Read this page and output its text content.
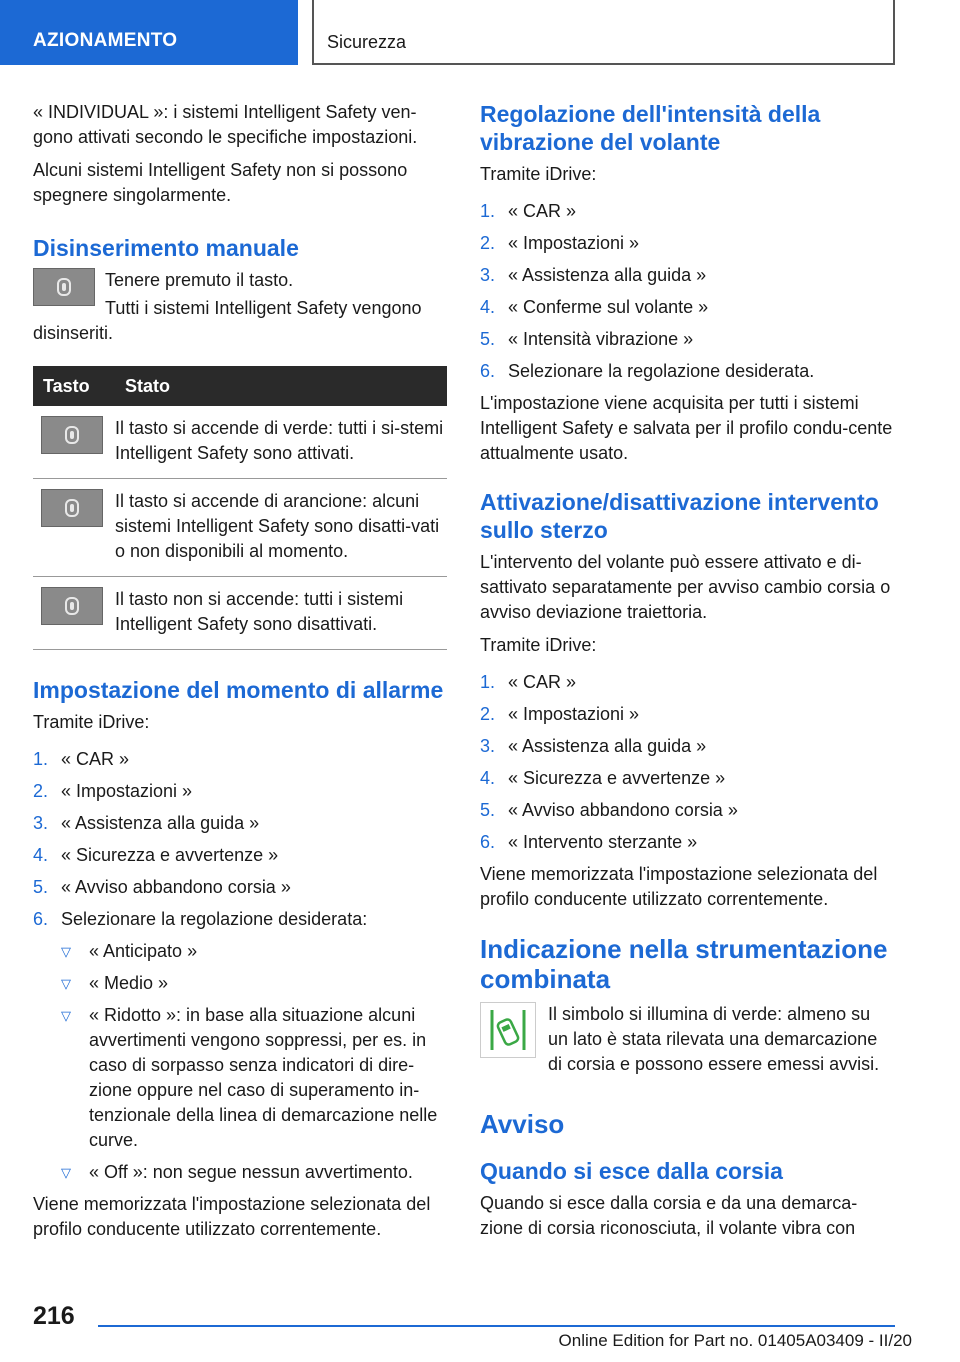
AZIONAMENTO	Sicurezza

« INDIVIDUAL »: i sistemi Intelligent Safety ven-gono attivati secondo le specifiche impostazioni.

Alcuni sistemi Intelligent Safety non si possono spegnere singolarmente.

Disinserimento manuale

Tenere premuto il tasto.

Tutti i sistemi Intelligent Safety vengono disinseriti.

Tasto	Stato

	Il tasto si accende di verde: tutti i si-stemi Intelligent Safety sono attivati.

	Il tasto si accende di arancione: alcuni sistemi Intelligent Safety sono disatti-vati o non disponibili al momento.

	Il tasto non si accende: tutti i sistemi Intelligent Safety sono disattivati.
Impostazione del momento di allarme

Tramite iDrive:

1. « CAR »
2. « Impostazioni »
3. « Assistenza alla guida »
4. « Sicurezza e avvertenze »
5. « Avviso abbandono corsia »
6. Selezionare la regolazione desiderata:
▽	« Anticipato »
▽	« Medio »
▽	« Ridotto »: in base alla situazione alcuni avvertimenti vengono soppressi, per es. in caso di sorpasso senza indicatori di dire-zione oppure nel caso di superamento in-tenzionale della linea di demarcazione nelle curve.
▽	« Off »: non segue nessun avvertimento.

Viene memorizzata l'impostazione selezionata del profilo conducente utilizzato correntemente.

Regolazione dell'intensità della vibrazione del volante

Tramite iDrive:

1. « CAR »
2. « Impostazioni »
3. « Assistenza alla guida »
4. « Conferme sul volante »
5. « Intensità vibrazione »
6. Selezionare la regolazione desiderata.

L'impostazione viene acquisita per tutti i sistemi Intelligent Safety e salvata per il profilo condu-cente attualmente usato.

Attivazione/disattivazione intervento sullo sterzo

L'intervento del volante può essere attivato e di-sattivato separatamente per avviso cambio corsia o avviso deviazione traiettoria.

Tramite iDrive:

1. « CAR »
2. « Impostazioni »
3. « Assistenza alla guida »
4. « Sicurezza e avvertenze »
5. « Avviso abbandono corsia »
6. « Intervento sterzante »

Viene memorizzata l'impostazione selezionata del profilo conducente utilizzato correntemente.

Indicazione nella strumentazione combinata

Il simbolo si illumina di verde: almeno su un lato è stata rilevata una demarcazione di corsia e possono essere emessi avvisi.

Avviso
Quando si esce dalla corsia

Quando si esce dalla corsia e da una demarca-zione di corsia riconosciuta, il volante vibra con

216
Online Edition for Part no. 01405A03409 - II/20
